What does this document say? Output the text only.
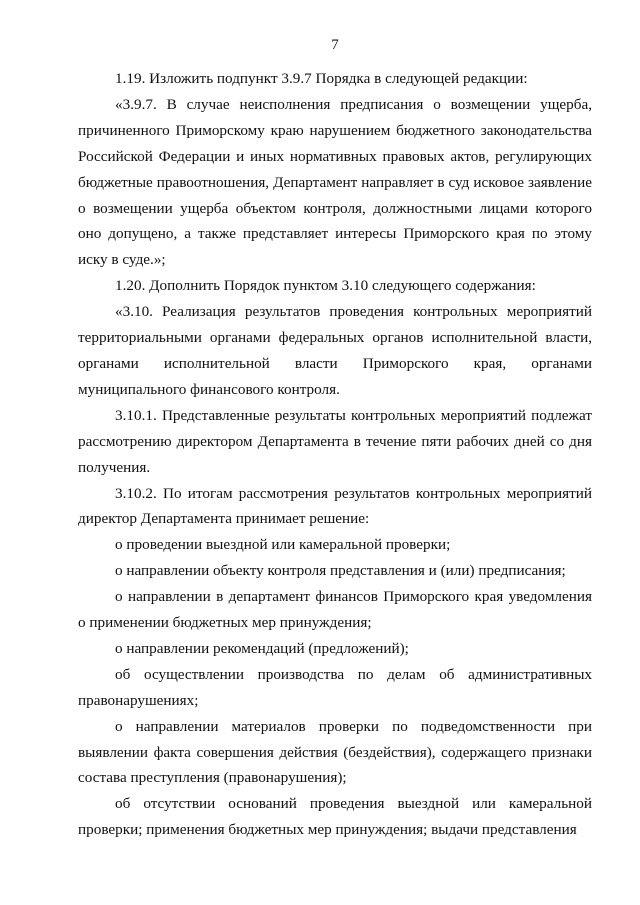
7

1.19. Изложить подпункт 3.9.7 Порядка в следующей редакции:

«3.9.7. В случае неисполнения предписания о возмещении ущерба, причиненного Приморскому краю нарушением бюджетного законодательства Российской Федерации и иных нормативных правовых актов, регулирующих бюджетные правоотношения, Департамент направляет в суд исковое заявление о возмещении ущерба объектом контроля, должностными лицами которого оно допущено, а также представляет интересы Приморского края по этому иску в суде.»;

1.20. Дополнить Порядок пунктом 3.10 следующего содержания:

«3.10. Реализация результатов проведения контрольных мероприятий территориальными органами федеральных органов исполнительной власти, органами исполнительной власти Приморского края, органами муниципального финансового контроля.

3.10.1. Представленные результаты контрольных мероприятий подлежат рассмотрению директором Департамента в течение пяти рабочих дней со дня получения.

3.10.2. По итогам рассмотрения результатов контрольных мероприятий директор Департамента принимает решение:

о проведении выездной или камеральной проверки;

о направлении объекту контроля представления и (или) предписания;

о направлении в департамент финансов Приморского края уведомления о применении бюджетных мер принуждения;

о направлении рекомендаций (предложений);

об осуществлении производства по делам об административных правонарушениях;

о направлении материалов проверки по подведомственности при выявлении факта совершения действия (бездействия), содержащего признаки состава преступления (правонарушения);

об отсутствии оснований проведения выездной или камеральной проверки; применения бюджетных мер принуждения; выдачи представления
